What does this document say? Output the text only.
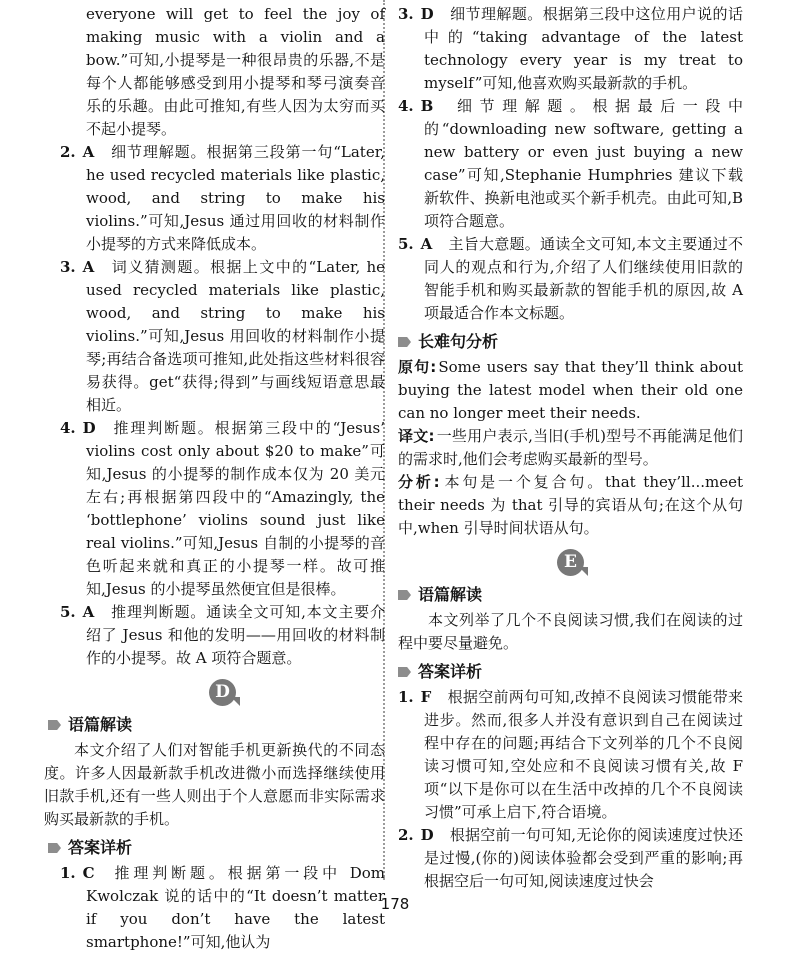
everyone will get to feel the joy of making music with a violin and a bow.”可知,小提琴是一种很昂贵的乐器,不是每个人都能够感受到用小提琴和琴弓演奏音乐的乐趣。由此可推知,有些人因为太穷而买不起小提琴。

2. A 细节理解题。根据第三段第一句“Later, he used recycled materials like plastic, wood, and string to make his violins.”可知,Jesus 通过用回收的材料制作小提琴的方式来降低成本。

3. A 词义猜测题。根据上文中的“Later, he used recycled materials like plastic, wood, and string to make his violins.”可知,Jesus 用回收的材料制作小提琴;再结合备选项可推知,此处指这些材料很容易获得。get“获得;得到”与画线短语意思最相近。

4. D 推理判断题。根据第三段中的“Jesus’ violins cost only about $20 to make”可知,Jesus 的小提琴的制作成本仅为 20 美元左右;再根据第四段中的“Amazingly, the ‘bottlephone’ violins sound just like real violins.”可知,Jesus 自制的小提琴的音色听起来就和真正的小提琴一样。故可推知,Jesus 的小提琴虽然便宜但是很棒。

5. A 推理判断题。通读全文可知,本文主要介绍了 Jesus 和他的发明——用回收的材料制作的小提琴。故 A 项符合题意。

D
语篇解读

本文介绍了人们对智能手机更新换代的不同态度。许多人因最新款手机改进微小而选择继续使用旧款手机,还有一些人则出于个人意愿而非实际需求购买最新款的手机。

答案详析

1. C 推理判断题。根据第一段中 Dom Kwolczak 说的话中的“It doesn’t matter if you don’t have the latest smartphone!”可知,他认为

3. D 细节理解题。根据第三段中这位用户说的话中的“taking advantage of the latest technology every year is my treat to myself”可知,他喜欢购买最新款的手机。

4. B 细节理解题。根据最后一段中的“downloading new software, getting a new battery or even just buying a new case”可知,Stephanie Humphries 建议下载新软件、换新电池或买个新手机壳。由此可知,B 项符合题意。

5. A 主旨大意题。通读全文可知,本文主要通过不同人的观点和行为,介绍了人们继续使用旧款的智能手机和购买最新款的智能手机的原因,故 A 项最适合作本文标题。

长难句分析

原句: Some users say that they’ll think about buying the latest model when their old one can no longer meet their needs.

译文: 一些用户表示,当旧(手机)型号不再能满足他们的需求时,他们会考虑购买最新的型号。

分析: 本句是一个复合句。that they’ll...meet their needs 为 that 引导的宾语从句;在这个从句中,when 引导时间状语从句。

E
语篇解读

本文列举了几个不良阅读习惯,我们在阅读的过程中要尽量避免。

答案详析

1. F 根据空前两句可知,改掉不良阅读习惯能带来进步。然而,很多人并没有意识到自己在阅读过程中存在的问题;再结合下文列举的几个不良阅读习惯可知,空处应和不良阅读习惯有关,故 F 项“以下是你可以在生活中改掉的几个不良阅读习惯”可承上启下,符合语境。

2. D 根据空前一句可知,无论你的阅读速度过快还是过慢,(你的)阅读体验都会受到严重的影响;再根据空后一句可知,阅读速度过快会

178
